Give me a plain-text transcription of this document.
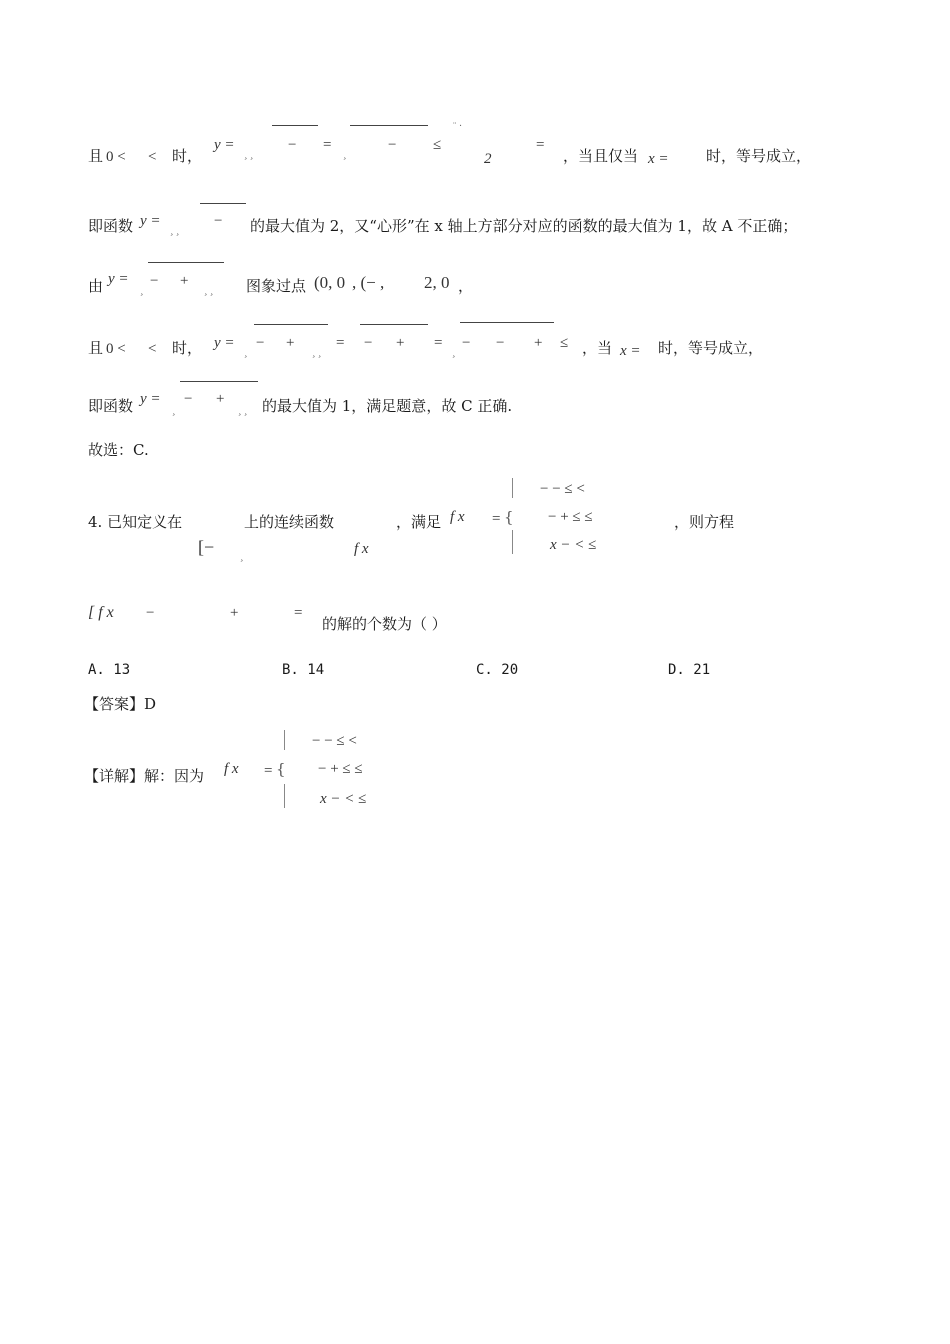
且 0 < < 时，
y =
¸ ¸
− =
¸
− ≤
¨ ·
2
=
，当且仅当 x = 时，等号成立，
即函数 y =
¸ ¸
− 的最大值为 2，又“心形”在 x 轴上方部分对应的函数的最大值为 1，故 A 不正确；
由 y =
¸
− +
¸ ¸ 图象过点 (0, 0 , (− , 2, 0 ，
且 0 < < 时， y =
¸
− +
¸ ¸
= − + =
¸
− − + ≤ ，当 x = 时，等号成立，
即函数 y =
¸
− +
¸ ¸ 的最大值为 1，满足题意，故 C 正确.
故选：C.
4. 已知定义在
[−	¸
上的连续函数
f x
，满足 f x = {
− − ≤ <
− + ≤ ≤
x − < ≤
，则方程
[ f x −	+	=
的解的个数为（ ）
A. 13	B. 14	C. 20	D. 21
【答案】D
【详解】解：因为 f x = {
− − ≤ <
− + ≤ ≤
x − < ≤
